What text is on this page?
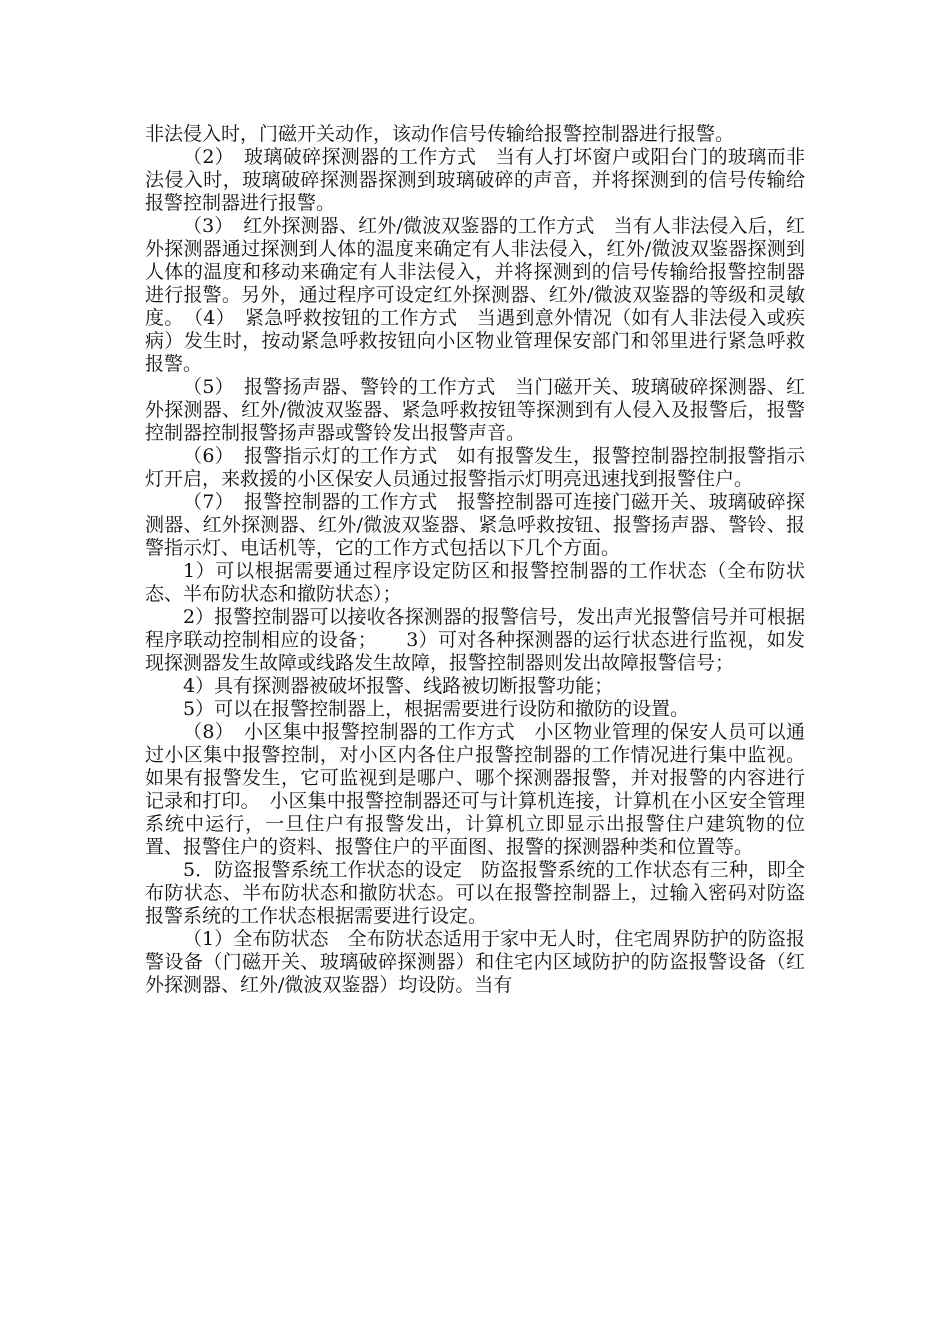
非法侵入时，门磁开关动作，该动作信号传输给报警控制器进行报警。

（2）　玻璃破碎探测器的工作方式　当有人打坏窗户或阳台门的玻璃而非法侵入时，玻璃破碎探测器探测到玻璃破碎的声音，并将探测到的信号传输给报警控制器进行报警。

（3）　红外探测器、红外/微波双鉴器的工作方式　当有人非法侵入后，红外探测器通过探测到人体的温度来确定有人非法侵入，红外/微波双鉴器探测到人体的温度和移动来确定有人非法侵入，并将探测到的信号传输给报警控制器进行报警。另外，通过程序可设定红外探测器、红外/微波双鉴器的等级和灵敏度。　（4）　紧急呼救按钮的工作方式　当遇到意外情况（如有人非法侵入或疾病）发生时，按动紧急呼救按钮向小区物业管理保安部门和邻里进行紧急呼救报警。

（5）　报警扬声器、警铃的工作方式　当门磁开关、玻璃破碎探测器、红外探测器、红外/微波双鉴器、紧急呼救按钮等探测到有人侵入及报警后，报警控制器控制报警扬声器或警铃发出报警声音。

（6）　报警指示灯的工作方式　如有报警发生，报警控制器控制报警指示灯开启，来救援的小区保安人员通过报警指示灯明亮迅速找到报警住户。

（7）　报警控制器的工作方式　报警控制器可连接门磁开关、玻璃破碎探测器、红外探测器、红外/微波双鉴器、紧急呼救按钮、报警扬声器、警铃、报警指示灯、电话机等，它的工作方式包括以下几个方面。

1）可以根据需要通过程序设定防区和报警控制器的工作状态（全布防状态、半布防状态和撤防状态）；

2）报警控制器可以接收各探测器的报警信号，发出声光报警信号并可根据程序联动控制相应的设备；　　3）可对各种探测器的运行状态进行监视，如发现探测器发生故障或线路发生故障，报警控制器则发出故障报警信号；

4）具有探测器被破坏报警、线路被切断报警功能；

5）可以在报警控制器上，根据需要进行设防和撤防的设置。

（8）　小区集中报警控制器的工作方式　小区物业管理的保安人员可以通过小区集中报警控制，对小区内各住户报警控制器的工作情况进行集中监视。如果有报警发生，它可监视到是哪户、哪个探测器报警，并对报警的内容进行记录和打印。　小区集中报警控制器还可与计算机连接，计算机在小区安全管理系统中运行，一旦住户有报警发出，计算机立即显示出报警住户建筑物的位置、报警住户的资料、报警住户的平面图、报警的探测器种类和位置等。

5．防盗报警系统工作状态的设定　防盗报警系统的工作状态有三种，即全布防状态、半布防状态和撤防状态。可以在报警控制器上，过输入密码对防盗报警系统的工作状态根据需要进行设定。

（1）全布防状态　全布防状态适用于家中无人时，住宅周界防护的防盗报警设备（门磁开关、玻璃破碎探测器）和住宅内区域防护的防盗报警设备（红外探测器、红外/微波双鉴器）均设防。当有
